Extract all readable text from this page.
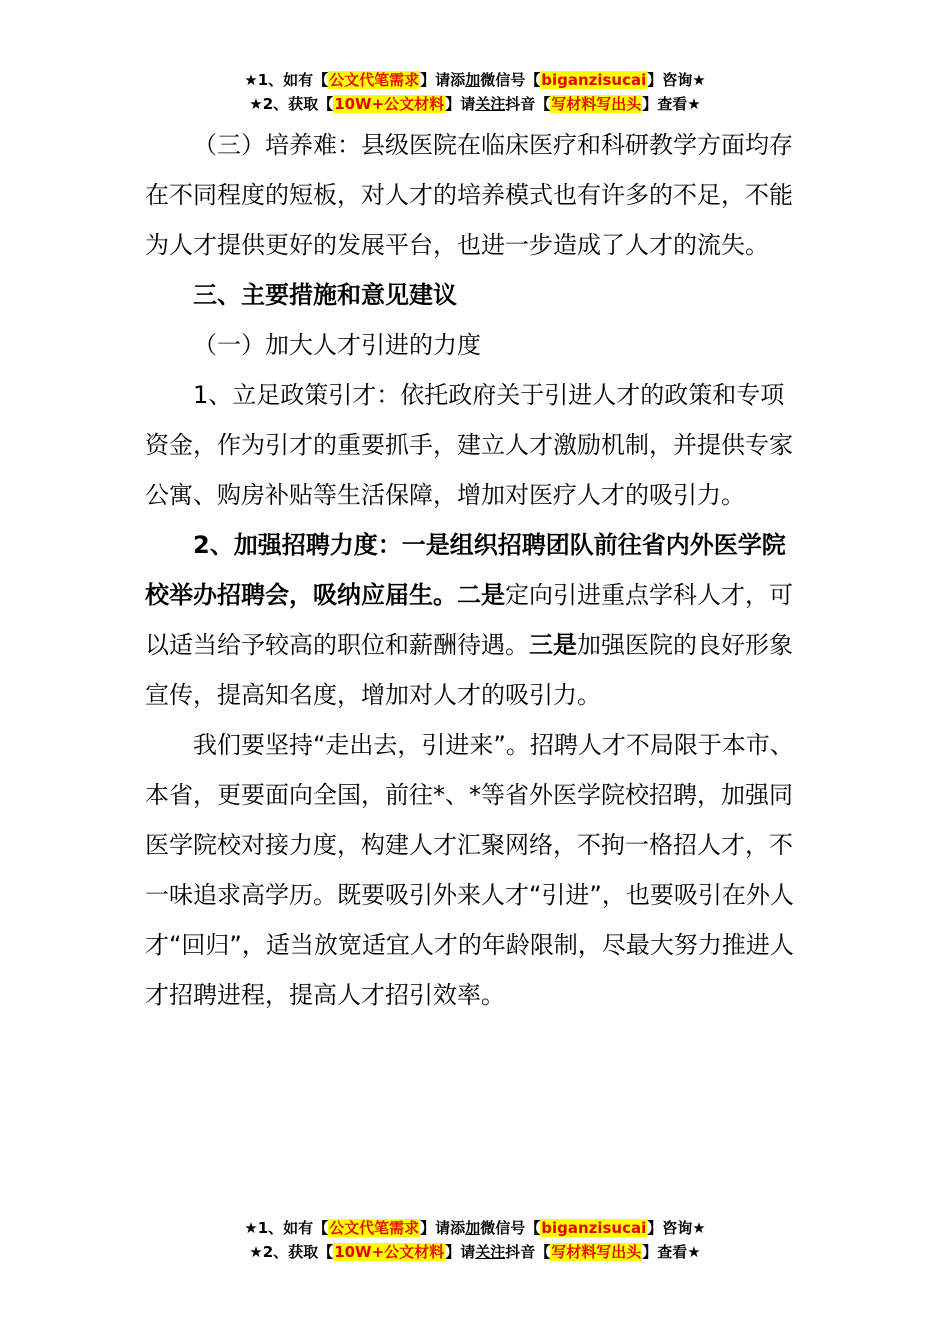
★1、如有【公文代笔需求】请添加微信号【biganzisucai】咨询★
★2、获取【10W+公文材料】请关注抖音【写材料写出头】查看★

（三）培养难：县级医院在临床医疗和科研教学方面均存在不同程度的短板，对人才的培养模式也有许多的不足，不能为人才提供更好的发展平台，也进一步造成了人才的流失。

三、主要措施和意见建议

（一）加大人才引进的力度

1、立足政策引才：依托政府关于引进人才的政策和专项资金，作为引才的重要抓手，建立人才激励机制，并提供专家公寓、购房补贴等生活保障，增加对医疗人才的吸引力。

2、加强招聘力度：一是组织招聘团队前往省内外医学院校举办招聘会，吸纳应届生。二是定向引进重点学科人才，可以适当给予较高的职位和薪酬待遇。三是加强医院的良好形象宣传，提高知名度，增加对人才的吸引力。

我们要坚持“走出去，引进来”。招聘人才不局限于本市、本省，更要面向全国，前往*、*等省外医学院校招聘，加强同医学院校对接力度，构建人才汇聚网络，不拘一格招人才，不一味追求高学历。既要吸引外来人才“引进”，也要吸引在外人才“回归”，适当放宽适宜人才的年龄限制，尽最大努力推进人才招聘进程，提高人才招引效率。

★1、如有【公文代笔需求】请添加微信号【biganzisucai】咨询★
★2、获取【10W+公文材料】请关注抖音【写材料写出头】查看★
